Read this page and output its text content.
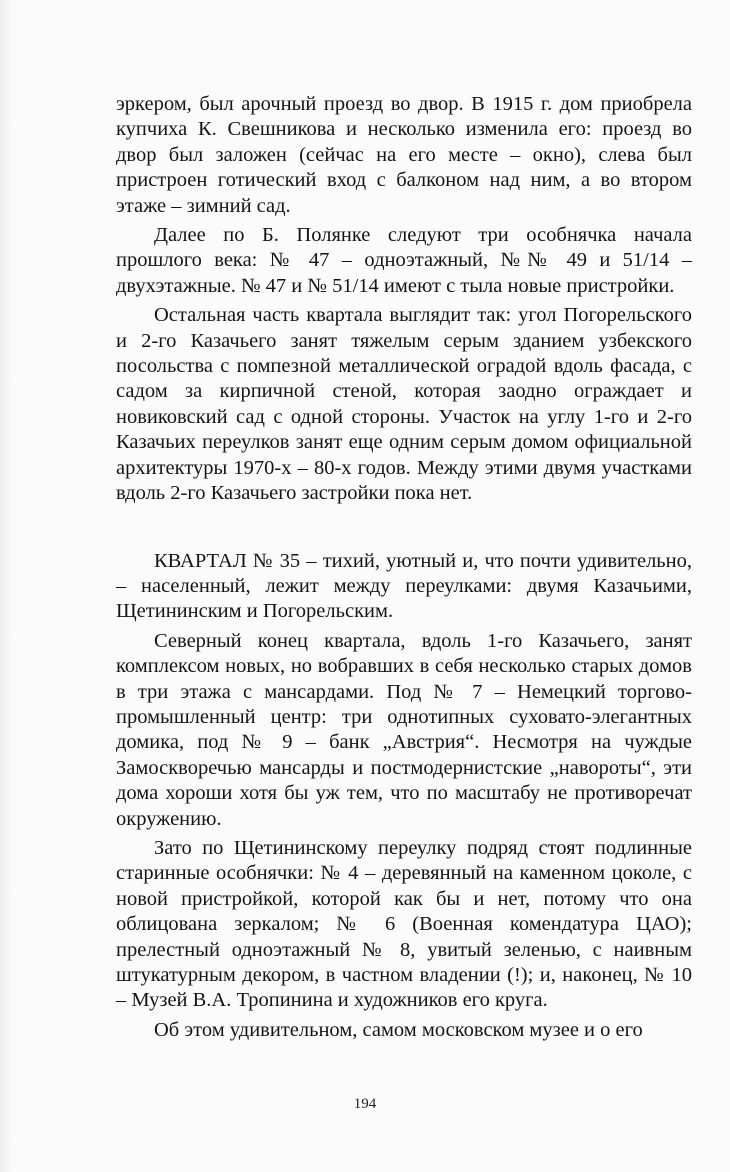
эркером, был арочный проезд во двор. В 1915 г. дом приобрела купчиха К. Свешникова и несколько изменила его: проезд во двор был заложен (сейчас на его месте – окно), слева был пристроен готический вход с балконом над ним, а во втором этаже – зимний сад.

Далее по Б. Полянке следуют три особнячка начала прошлого века: № 47 – одноэтажный, №№ 49 и 51/14 – двухэтажные. № 47 и № 51/14 имеют с тыла новые пристройки.

Остальная часть квартала выглядит так: угол Погорельского и 2-го Казачьего занят тяжелым серым зданием узбекского посольства с помпезной металлической оградой вдоль фасада, с садом за кирпичной стеной, которая заодно ограждает и новиковский сад с одной стороны. Участок на углу 1-го и 2-го Казачьих переулков занят еще одним серым домом официальной архитектуры 1970-х – 80-х годов. Между этими двумя участками вдоль 2-го Казачьего застройки пока нет.

КВАРТАЛ № 35 – тихий, уютный и, что почти удивительно, – населенный, лежит между переулками: двумя Казачьими, Щетининским и Погорельским.

Северный конец квартала, вдоль 1-го Казачьего, занят комплексом новых, но вобравших в себя несколько старых домов в три этажа с мансардами. Под № 7 – Немецкий торгово-промышленный центр: три однотипных суховато-элегантных домика, под № 9 – банк „Австрия“. Несмотря на чуждые Замоскворечью мансарды и постмодернистские „навороты“, эти дома хороши хотя бы уж тем, что по масштабу не противоречат окружению.

Зато по Щетининскому переулку подряд стоят подлинные старинные особнячки: № 4 – деревянный на каменном цоколе, с новой пристройкой, которой как бы и нет, потому что она облицована зеркалом; № 6 (Военная комендатура ЦАО); прелестный одноэтажный № 8, увитый зеленью, с наивным штукатурным декором, в частном владении (!); и, наконец, № 10 – Музей В.А. Тропинина и художников его круга.

Об этом удивительном, самом московском музее и о его

194
